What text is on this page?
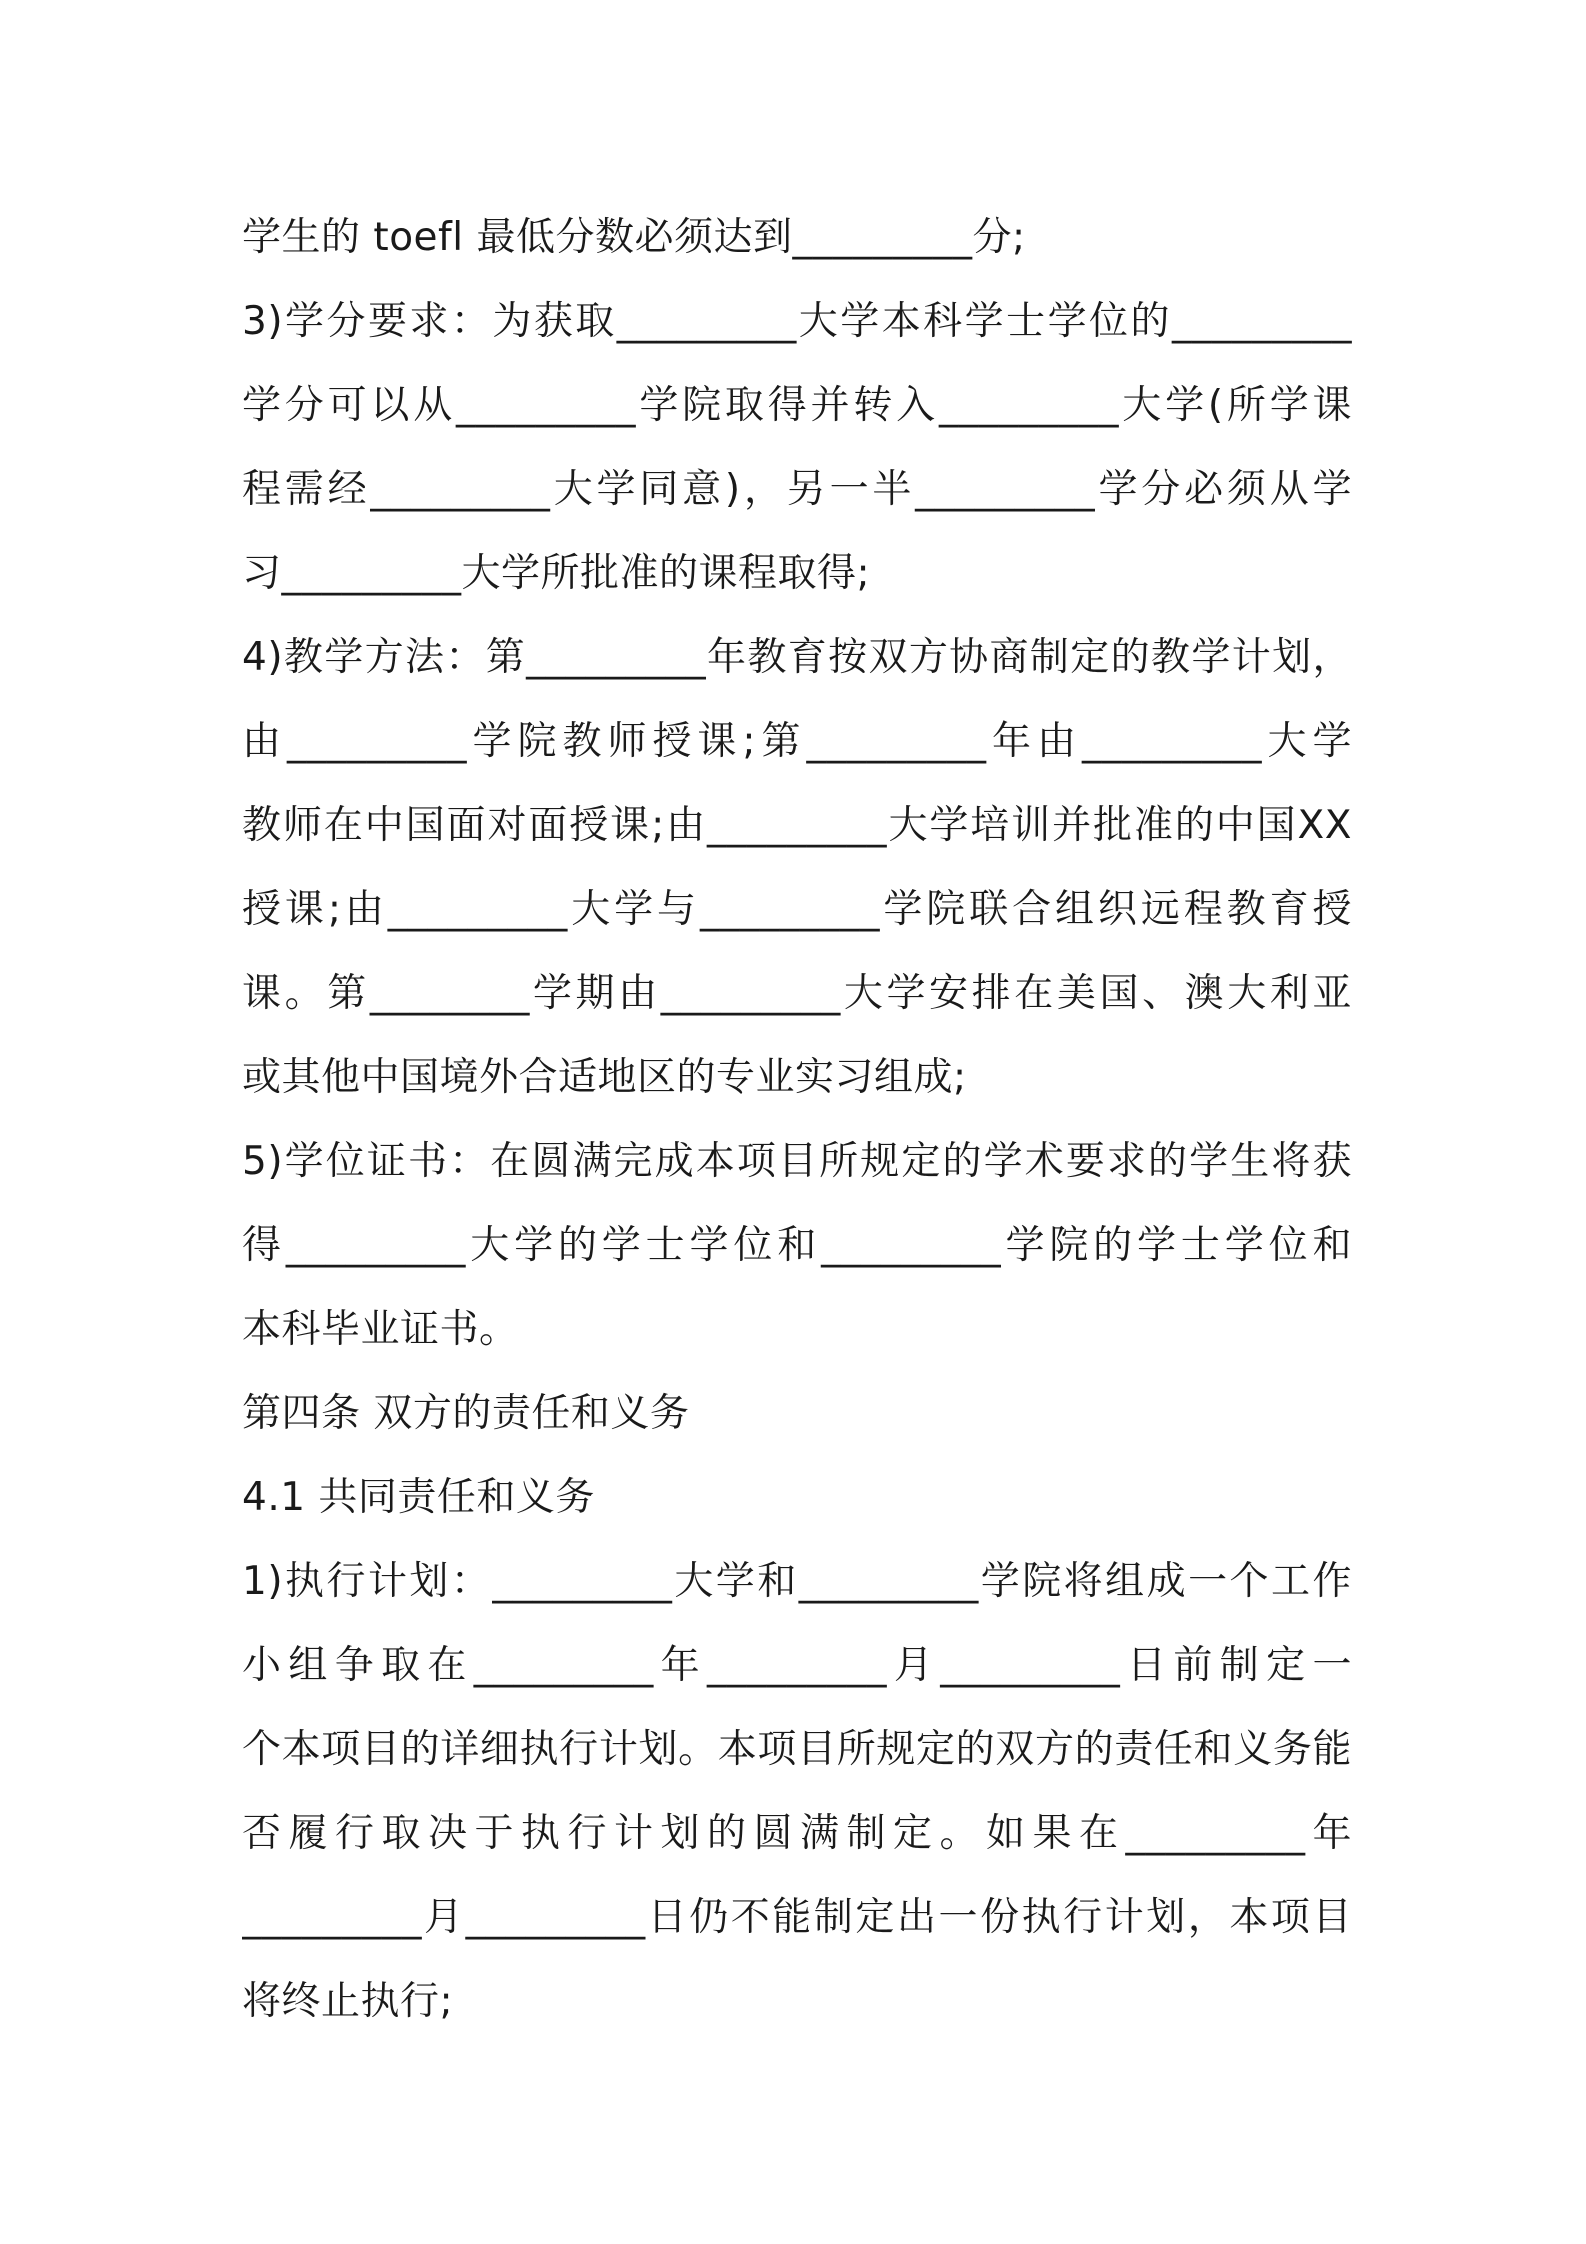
学生的 toefl 最低分数必须达到_________分;
3)学分要求：为获取_________大学本科学士学位的_________
学分可以从_________学院取得并转入_________大学(所学课
程需经_________大学同意)，另一半_________学分必须从学
习_________大学所批准的课程取得;
4)教学方法：第_________年教育按双方协商制定的教学计划，
由_________学院教师授课;第_________年由_________大学
教师在中国面对面授课;由_________大学培训并批准的中国XX
授课;由_________大学与_________学院联合组织远程教育授
课。第________学期由_________大学安排在美国、澳大利亚
或其他中国境外合适地区的专业实习组成;
5)学位证书：在圆满完成本项目所规定的学术要求的学生将获
得_________大学的学士学位和_________学院的学士学位和
本科毕业证书。
第四条 双方的责任和义务
4.1 共同责任和义务
1)执行计划：_________大学和_________学院将组成一个工作
小组争取在_________年_________月_________日前制定一
个本项目的详细执行计划。本项目所规定的双方的责任和义务能
否履行取决于执行计划的圆满制定。如果在_________年
_________月_________日仍不能制定出一份执行计划，本项目
将终止执行;
